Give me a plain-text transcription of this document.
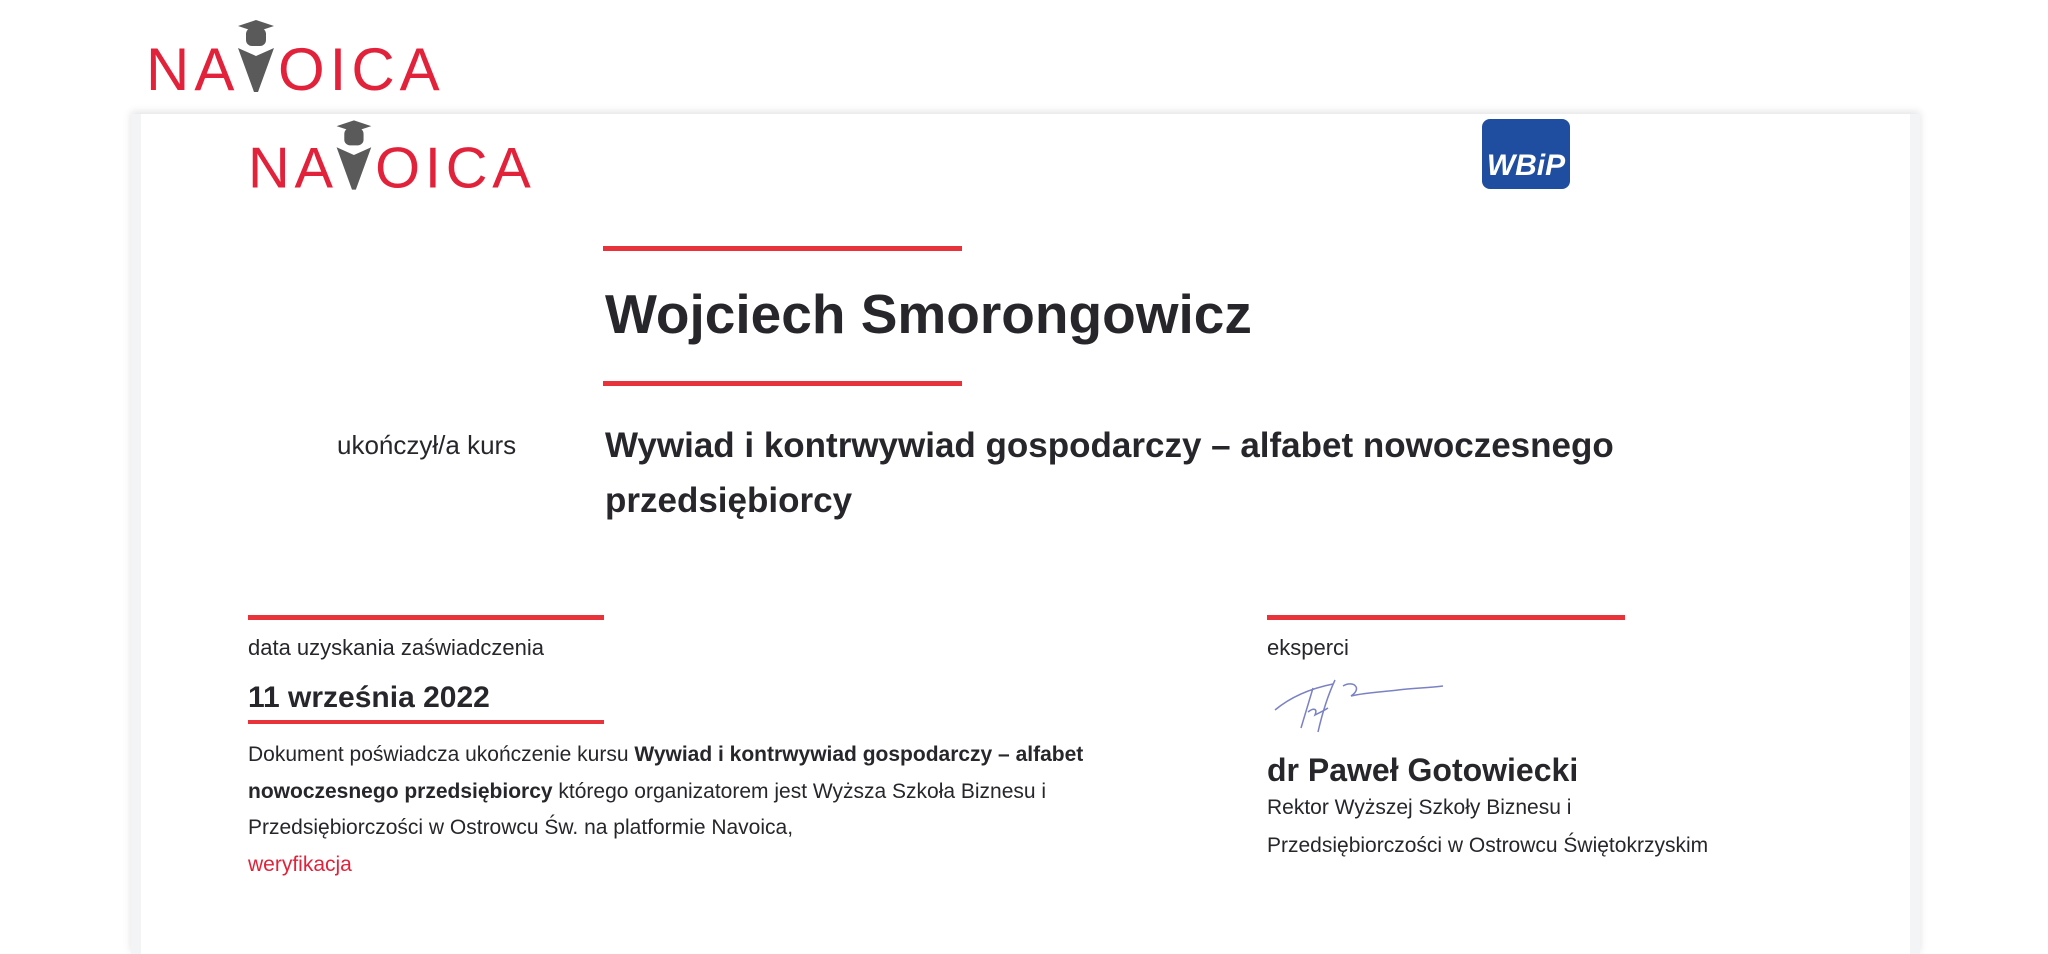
NA OICA
NA OICA	WBiP
Wojciech Smorongowicz
ukończył/a kurs	Wywiad i kontrwywiad gospodarczy – alfabet nowoczesnego przedsiębiorcy
data uzyskania zaświadczenia
11 września 2022
Dokument poświadcza ukończenie kursu Wywiad i kontrwywiad gospodarczy – alfabet nowoczesnego przedsiębiorcy którego organizatorem jest Wyższa Szkoła Biznesu i Przedsiębiorczości w Ostrowcu Św. na platformie Navoica,
weryfikacja
eksperci
dr Paweł Gotowiecki
Rektor Wyższej Szkoły Biznesu i
Przedsiębiorczości w Ostrowcu Świętokrzyskim
